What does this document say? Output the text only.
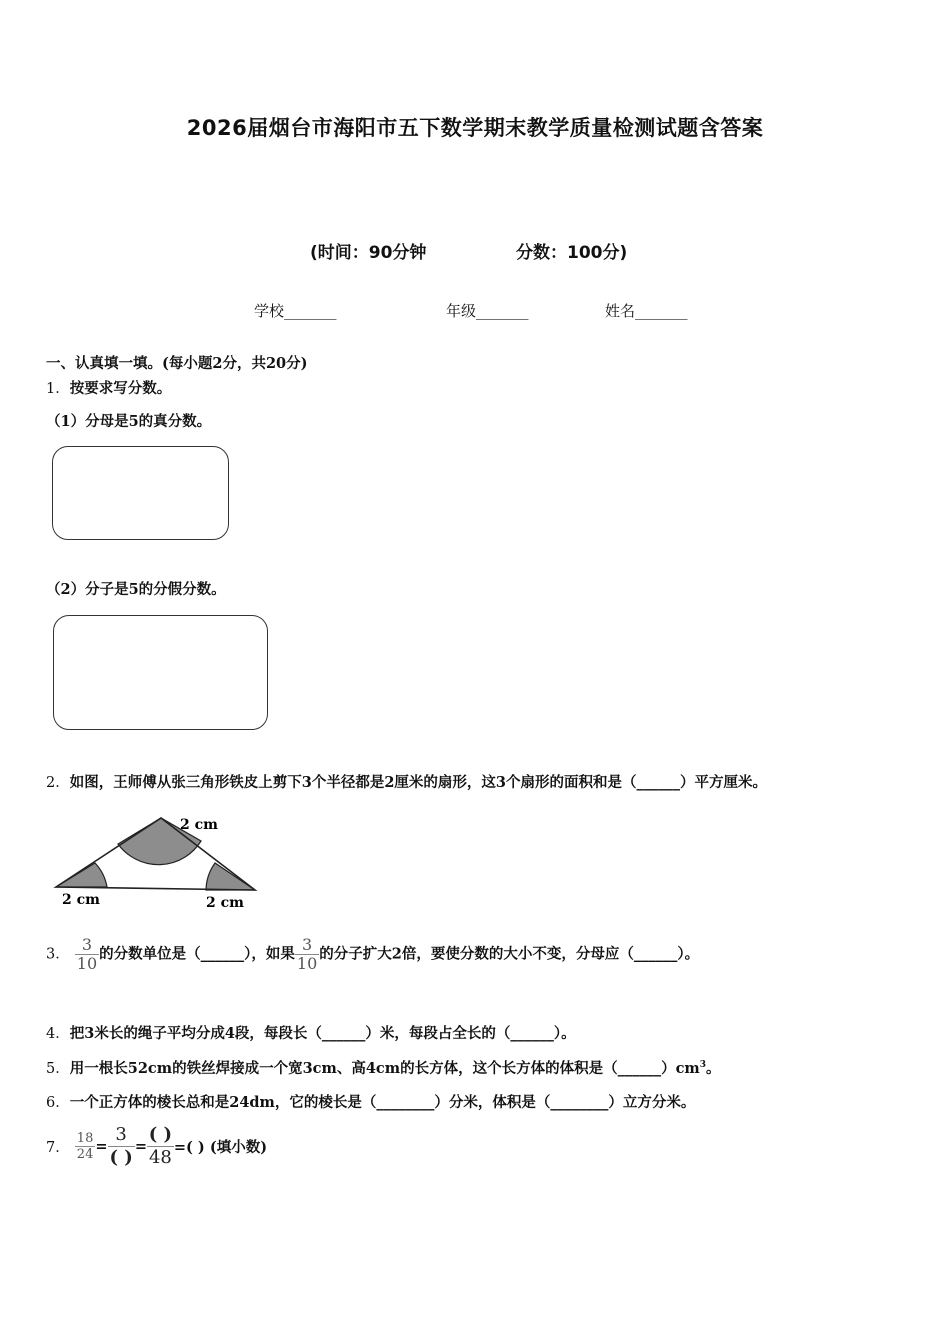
2026届烟台市海阳市五下数学期末教学质量检测试题含答案
(时间：90分钟	分数：100分)
学校_______	年级_______	姓名_______
一、认真填一填。(每小题2分，共20分)
1．按要求写分数。
（1）分母是5的真分数。
（2）分子是5的分假分数。
2．如图，王师傅从张三角形铁皮上剪下3个半径都是2厘米的扇形，这3个扇形的面积和是（______）平方厘米。
2 cm
2 cm	2 cm
3． $\frac{3}{10}$ 的分数单位是（______），如果 $\frac{3}{10}$ 的分子扩大2倍，要使分数的大小不变，分母应（______）。
4．把3米长的绳子平均分成4段，每段长（______）米，每段占全长的（______）。
5．用一根长52cm的铁丝焊接成一个宽3cm、高4cm的长方体，这个长方体的体积是$(\_\_\_\_\_\_)cm^3$。
6．一个正方体的棱长总和是24dm，它的棱长是（________）分米，体积是（________）立方分米。
7． $\frac{18}{24} = \frac{3}{( )} = \frac{( )}{48}$ =( ) (填小数)
